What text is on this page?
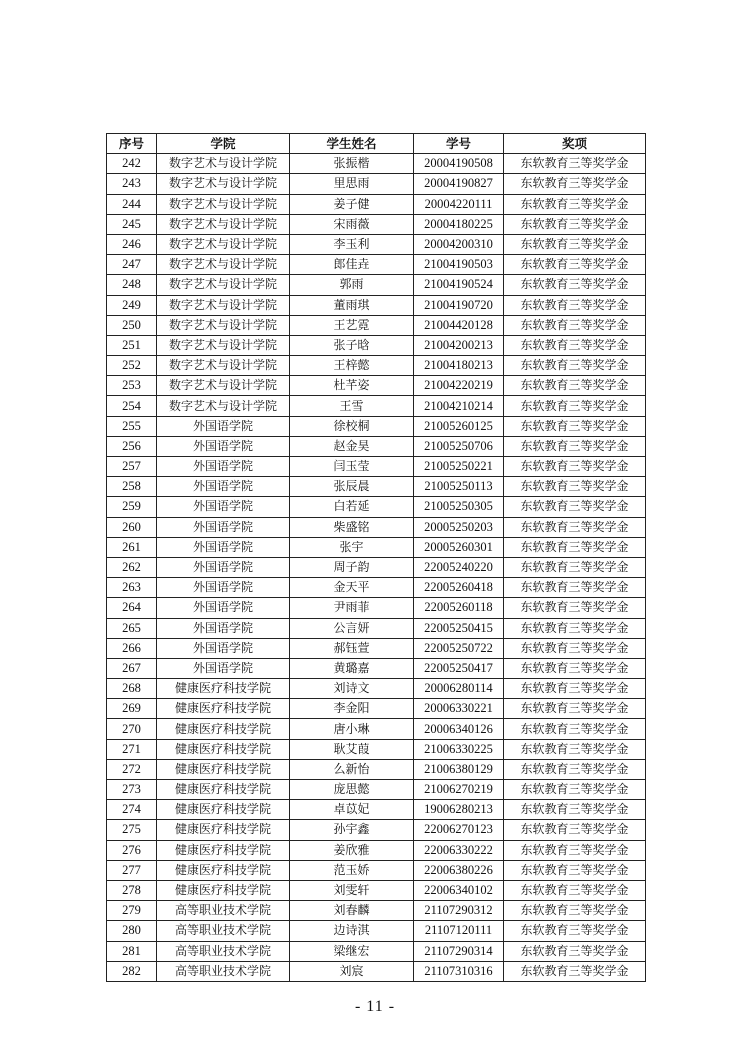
序号	学院	学生姓名	学号	奖项
242	数字艺术与设计学院	张振楷	20004190508	东软教育三等奖学金
243	数字艺术与设计学院	里思雨	20004190827	东软教育三等奖学金
244	数字艺术与设计学院	姜子健	20004220111	东软教育三等奖学金
245	数字艺术与设计学院	宋雨薇	20004180225	东软教育三等奖学金
246	数字艺术与设计学院	李玉利	20004200310	东软教育三等奖学金
247	数字艺术与设计学院	郎佳垚	21004190503	东软教育三等奖学金
248	数字艺术与设计学院	郭雨	21004190524	东软教育三等奖学金
249	数字艺术与设计学院	董雨琪	21004190720	东软教育三等奖学金
250	数字艺术与设计学院	王艺霓	21004420128	东软教育三等奖学金
251	数字艺术与设计学院	张子晗	21004200213	东软教育三等奖学金
252	数字艺术与设计学院	王梓懿	21004180213	东软教育三等奖学金
253	数字艺术与设计学院	杜芊姿	21004220219	东软教育三等奖学金
254	数字艺术与设计学院	王雪	21004210214	东软教育三等奖学金
255	外国语学院	徐校桐	21005260125	东软教育三等奖学金
256	外国语学院	赵金昊	21005250706	东软教育三等奖学金
257	外国语学院	闫玉莹	21005250221	东软教育三等奖学金
258	外国语学院	张辰晨	21005250113	东软教育三等奖学金
259	外国语学院	白若延	21005250305	东软教育三等奖学金
260	外国语学院	柴盛铭	20005250203	东软教育三等奖学金
261	外国语学院	张宇	20005260301	东软教育三等奖学金
262	外国语学院	周子韵	22005240220	东软教育三等奖学金
263	外国语学院	金天平	22005260418	东软教育三等奖学金
264	外国语学院	尹雨菲	22005260118	东软教育三等奖学金
265	外国语学院	公言妍	22005250415	东软教育三等奖学金
266	外国语学院	郝钰萱	22005250722	东软教育三等奖学金
267	外国语学院	黄璐嘉	22005250417	东软教育三等奖学金
268	健康医疗科技学院	刘诗文	20006280114	东软教育三等奖学金
269	健康医疗科技学院	李金阳	20006330221	东软教育三等奖学金
270	健康医疗科技学院	唐小琳	20006340126	东软教育三等奖学金
271	健康医疗科技学院	耿艾葭	21006330225	东软教育三等奖学金
272	健康医疗科技学院	么新怡	21006380129	东软教育三等奖学金
273	健康医疗科技学院	庞思懿	21006270219	东软教育三等奖学金
274	健康医疗科技学院	卓苡妃	19006280213	东软教育三等奖学金
275	健康医疗科技学院	孙宇鑫	22006270123	东软教育三等奖学金
276	健康医疗科技学院	姜欣雅	22006330222	东软教育三等奖学金
277	健康医疗科技学院	范玉娇	22006380226	东软教育三等奖学金
278	健康医疗科技学院	刘雯轩	22006340102	东软教育三等奖学金
279	高等职业技术学院	刘春麟	21107290312	东软教育三等奖学金
280	高等职业技术学院	边诗淇	21107120111	东软教育三等奖学金
281	高等职业技术学院	梁继宏	21107290314	东软教育三等奖学金
282	高等职业技术学院	刘宸	21107310316	东软教育三等奖学金
- 11 -
